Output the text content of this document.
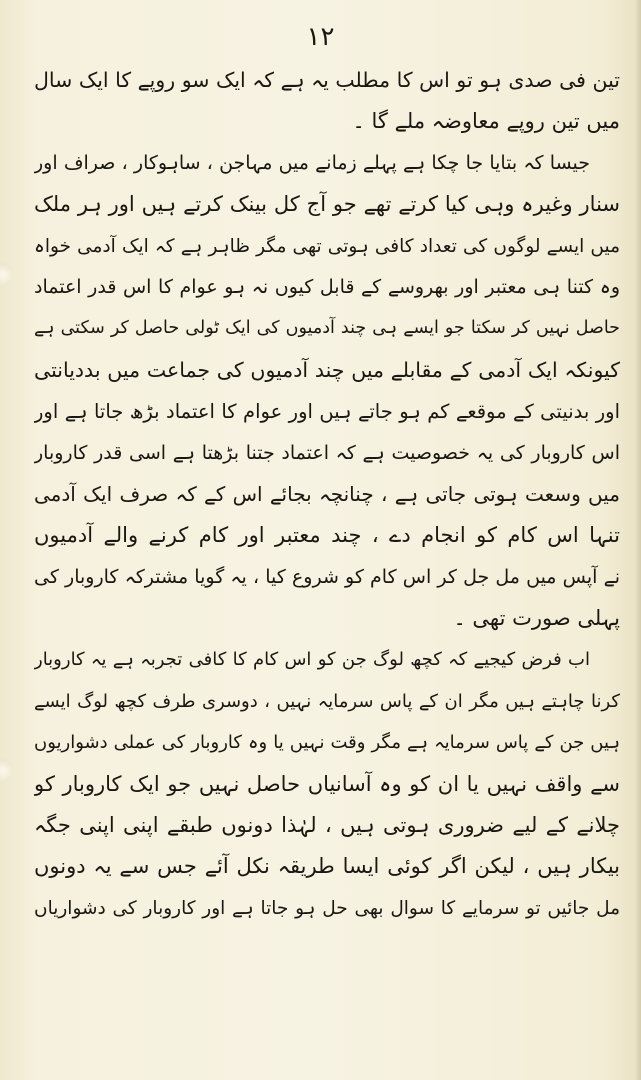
۱۲
تین فی صدی ہو تو اس کا مطلب یہ ہے کہ ایک سو روپے کا ایک سال
میں تین روپے معاوضہ ملے گا ۔
جیسا کہ بتایا جا چکا ہے پہلے زمانے میں مہاجن ، ساہوکار ، صراف اور
سنار وغیرہ وہی کیا کرتے تھے جو آج کل بینک کرتے ہیں اور ہر ملک
میں ایسے لوگوں کی تعداد کافی ہوتی تھی مگر ظاہر ہے کہ ایک آدمی خواہ
وہ کتنا ہی معتبر اور بھروسے کے قابل کیوں نہ ہو عوام کا اس قدر اعتماد
حاصل نہیں کر سکتا جو ایسے ہی چند آدمیوں کی ایک ٹولی حاصل کر سکتی ہے
کیونکہ ایک آدمی کے مقابلے میں چند آدمیوں کی جماعت میں بددیانتی
اور بدنیتی کے موقعے کم ہو جاتے ہیں اور عوام کا اعتماد بڑھ جاتا ہے اور
اس کاروبار کی یہ خصوصیت ہے کہ اعتماد جتنا بڑھتا ہے اسی قدر کاروبار
میں وسعت ہوتی جاتی ہے ، چنانچہ بجائے اس کے کہ صرف ایک آدمی
تنہا اس کام کو انجام دے ، چند معتبر اور کام کرنے والے آدمیوں
نے آپس میں مل جل کر اس کام کو شروع کیا ، یہ گویا مشترکہ کاروبار کی
پہلی صورت تھی ۔
اب فرض کیجیے کہ کچھ لوگ جن کو اس کام کا کافی تجربہ ہے یہ کاروبار
کرنا چاہتے ہیں مگر ان کے پاس سرمایہ نہیں ، دوسری طرف کچھ لوگ ایسے
ہیں جن کے پاس سرمایہ ہے مگر وقت نہیں یا وہ کاروبار کی عملی دشواریوں
سے واقف نہیں یا ان کو وہ آسانیاں حاصل نہیں جو ایک کاروبار کو
چلانے کے لیے ضروری ہوتی ہیں ، لہٰذا دونوں طبقے اپنی اپنی جگہ
بیکار ہیں ، لیکن اگر کوئی ایسا طریقہ نکل آئے جس سے یہ دونوں
مل جائیں تو سرمایے کا سوال بھی حل ہو جاتا ہے اور کاروبار کی دشواریاں
